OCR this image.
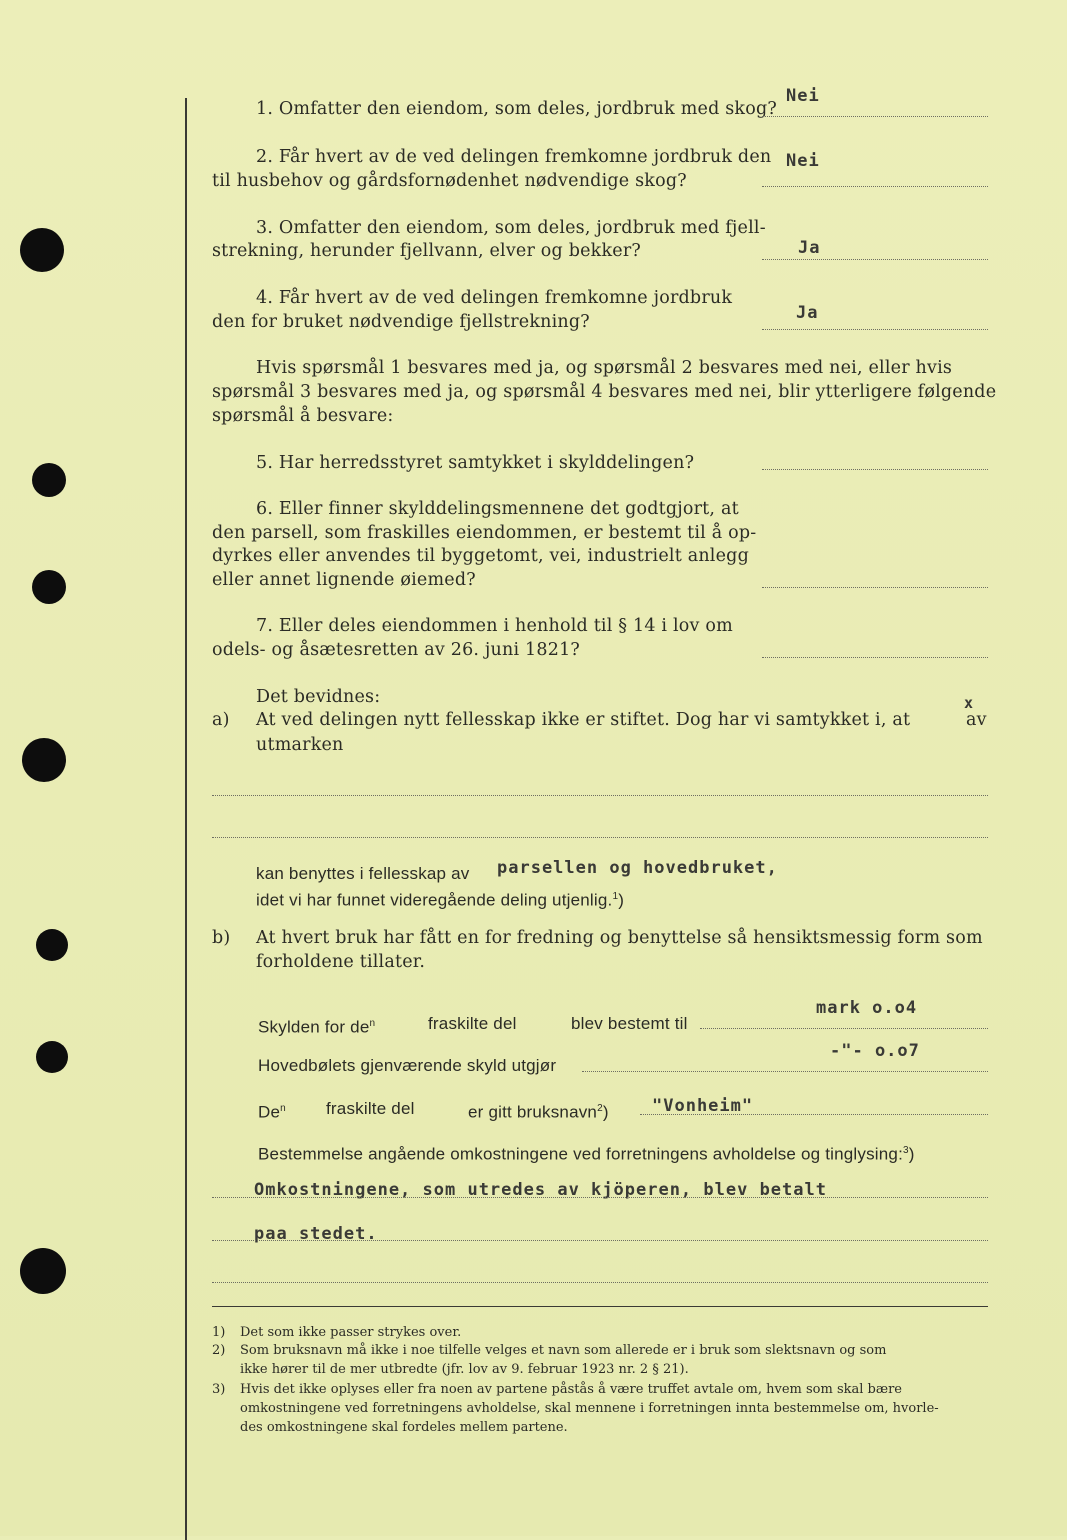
1. Omfatter den eiendom, som deles, jordbruk med skog?
Nei
2. Får hvert av de ved delingen fremkomne jordbruk den
til husbehov og gårdsfornødenhet nødvendige skog?
Nei
3. Omfatter den eiendom, som deles, jordbruk med fjell-
strekning, herunder fjellvann, elver og bekker?	Ja
4. Får hvert av de ved delingen fremkomne jordbruk
den for bruket nødvendige fjellstrekning?	Ja
Hvis spørsmål 1 besvares med ja, og spørsmål 2 besvares med nei, eller hvis
spørsmål 3 besvares med ja, og spørsmål 4 besvares med nei, blir ytterligere følgende
spørsmål å besvare:
5. Har herredsstyret samtykket i skylddelingen?
6. Eller finner skylddelingsmennene det godtgjort, at
den parsell, som fraskilles eiendommen, er bestemt til å op-
dyrkes eller anvendes til byggetomt, vei, industrielt anlegg
eller annet lignende øiemed?
7. Eller deles eiendommen i henhold til § 14 i lov om
odels- og åsætesretten av 26. juni 1821?
Det bevidnes:
a) At ved delingen nytt fellesskap ikke er stiftet. Dog har vi samtykket i, at
x
av
utmarken
kan benyttes i fellesskap av parsellen og hovedbruket,
idet vi har funnet videregående deling utjenlig.$^1$)
b) At hvert bruk har fått en for fredning og benyttelse så hensiktsmessig form som
forholdene tillater.
Skylden for $de^n$	fraskilte del	blev bestemt til
mark o.o4
Hovedbølets gjenværende skyld utgjør
-"- o.o7
De$^n$ fraskilte del	er gitt bruksnavn$^2$)	"Vonheim"
Bestemmelse angående omkostningene ved forretningens avholdelse og tinglysing:$^3$)
Omkostningene, som utredes av kjöperen, blev betalt
paa stedet.
1) Det som ikke passer strykes over.
2) Som bruksnavn må ikke i noe tilfelle velges et navn som allerede er i bruk som slektsnavn og som
ikke hører til de mer utbredte (jfr. lov av 9. februar 1923 nr. 2 § 21).
3) Hvis det ikke oplyses eller fra noen av partene påstås å være truffet avtale om, hvem som skal bære
omkostningene ved forretningens avholdelse, skal mennene i forretningen innta bestemmelse om, hvorle-
des omkostningene skal fordeles mellem partene.
